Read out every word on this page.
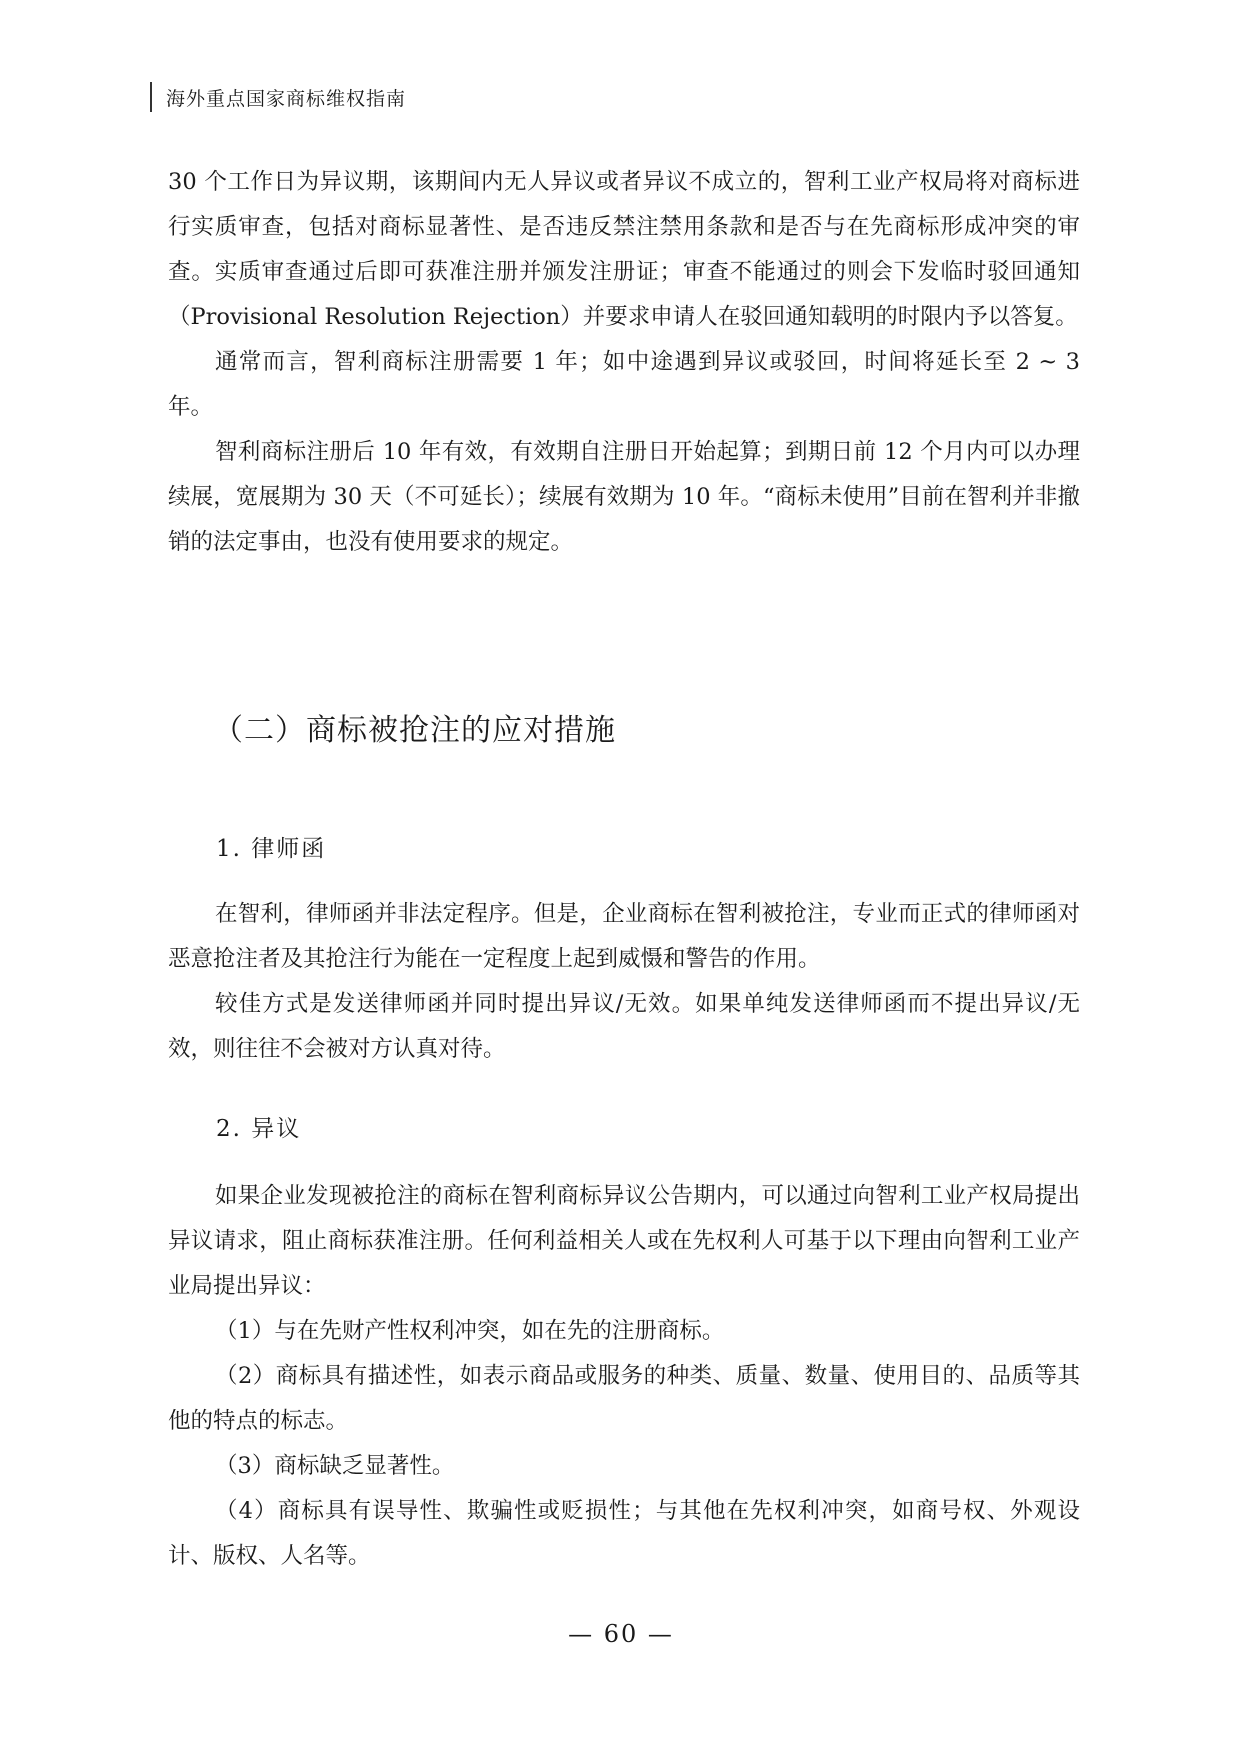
海外重点国家商标维权指南

30 个工作日为异议期，该期间内无人异议或者异议不成立的，智利工业产权局将对商标进行实质审查，包括对商标显著性、是否违反禁注禁用条款和是否与在先商标形成冲突的审查。实质审查通过后即可获准注册并颁发注册证；审查不能通过的则会下发临时驳回通知（Provisional Resolution Rejection）并要求申请人在驳回通知载明的时限内予以答复。

通常而言，智利商标注册需要 1 年；如中途遇到异议或驳回，时间将延长至 2 ~ 3 年。

智利商标注册后 10 年有效，有效期自注册日开始起算；到期日前 12 个月内可以办理续展，宽展期为 30 天（不可延长）；续展有效期为 10 年。“商标未使用”目前在智利并非撤销的法定事由，也没有使用要求的规定。

（二）商标被抢注的应对措施
1. 律师函

在智利，律师函并非法定程序。但是，企业商标在智利被抢注，专业而正式的律师函对恶意抢注者及其抢注行为能在一定程度上起到威慑和警告的作用。

较佳方式是发送律师函并同时提出异议/无效。如果单纯发送律师函而不提出异议/无效，则往往不会被对方认真对待。

2. 异议

如果企业发现被抢注的商标在智利商标异议公告期内，可以通过向智利工业产权局提出异议请求，阻止商标获准注册。任何利益相关人或在先权利人可基于以下理由向智利工业产业局提出异议：

（1）与在先财产性权利冲突，如在先的注册商标。

（2）商标具有描述性，如表示商品或服务的种类、质量、数量、使用目的、品质等其他的特点的标志。

（3）商标缺乏显著性。

（4）商标具有误导性、欺骗性或贬损性；与其他在先权利冲突，如商号权、外观设计、版权、人名等。

— 60 —
